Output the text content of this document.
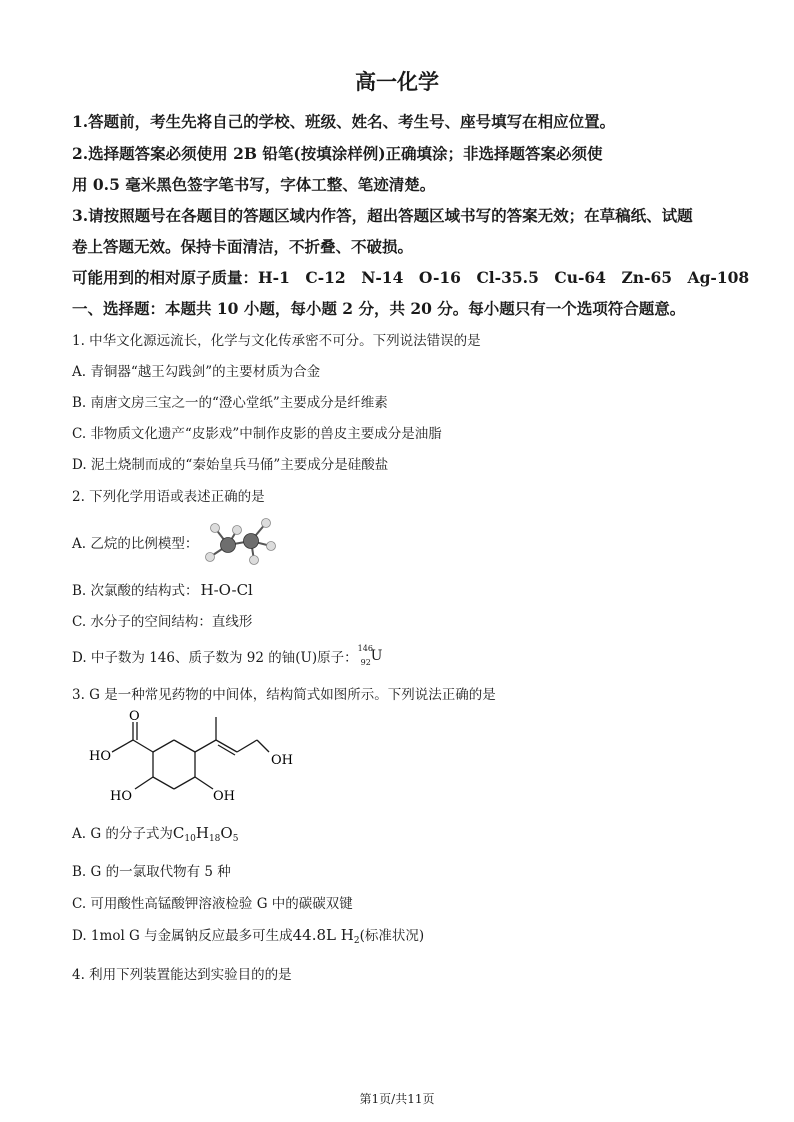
高一化学
1.答题前，考生先将自己的学校、班级、姓名、考生号、座号填写在相应位置。
2.选择题答案必须使用 2B 铅笔(按填涂样例)正确填涂；非选择题答案必须使
用 0.5 毫米黑色签字笔书写，字体工整、笔迹清楚。
3.请按照题号在各题目的答题区域内作答，超出答题区域书写的答案无效；在草稿纸、试题
卷上答题无效。保持卡面清洁，不折叠、不破损。
可能用到的相对原子质量：H-1　C-12　N-14　O-16　Cl-35.5　Cu-64　Zn-65　Ag-108
一、选择题：本题共 10 小题，每小题 2 分，共 20 分。每小题只有一个选项符合题意。
1. 中华文化源远流长，化学与文化传承密不可分。下列说法错误的是
A. 青铜器“越王勾践剑”的主要材质为合金
B. 南唐文房三宝之一的“澄心堂纸”主要成分是纤维素
C. 非物质文化遗产“皮影戏”中制作皮影的兽皮主要成分是油脂
D. 泥土烧制而成的“秦始皇兵马俑”主要成分是硅酸盐
2. 下列化学用语或表述正确的是
A. 乙烷的比例模型：
B. 次氯酸的结构式： H-O-Cl
C. 水分子的空间结构：直线形
D. 中子数为 146、质子数为 92 的铀(U)原子：
146
92 U
3. G 是一种常见药物的中间体，结构简式如图所示。下列说法正确的是
O
HO	OH
HO	OH
A. G 的分子式为$C_{10}H_{18}O_5$
B. G 的一氯取代物有 5 种
C. 可用酸性高锰酸钾溶液检验 G 中的碳碳双键
D. 1mol G 与金属钠反应最多可生成44.8L $H_2$(标准状况)
4. 利用下列装置能达到实验目的的是
第1页/共11页
